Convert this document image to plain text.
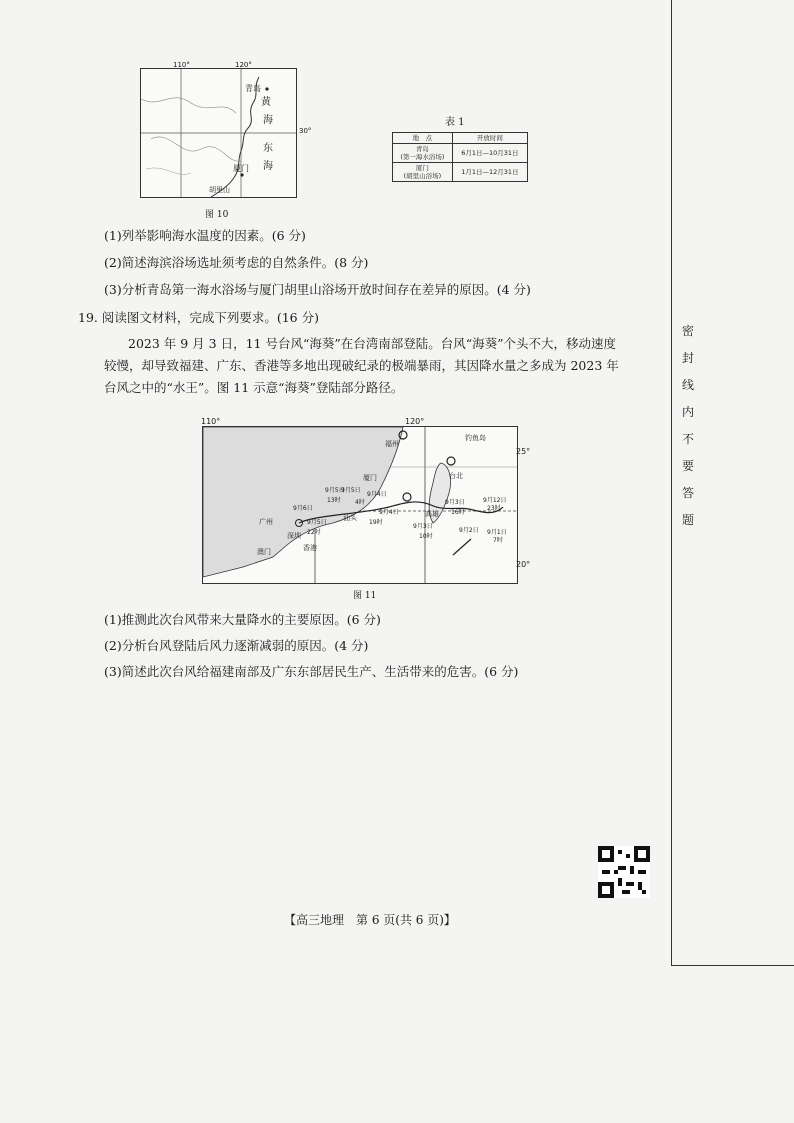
110°	120°
30°
青岛
黄
海
东
海
厦门
胡里山
图 10
表 1
地　点	开放时间
青岛
(第一海水浴场)	6月1日—10月31日
厦门
(胡里山浴场)	1月1日—12月31日
(1)列举影响海水温度的因素。(6 分)
(2)简述海滨浴场选址须考虑的自然条件。(8 分)
(3)分析青岛第一海水浴场与厦门胡里山浴场开放时间存在差异的原因。(4 分)
19. 阅读图文材料，完成下列要求。(16 分)
2023 年 9 月 3 日，11 号台风“海葵”在台湾南部登陆。台风“海葵”个头不大，移动速度
较慢，却导致福建、广东、香港等多地出现破纪录的极端暴雨，其因降水量之多成为 2023 年
台风之中的“水王”。图 11 示意“海葵”登陆部分路径。
110°	120°
25°
20°
福州
钓鱼岛
厦门
广州
深圳
香港
澳门
汕头	高雄
台北
9月6日
9月5日
9月5日
9月4日
9月4日
9月3日
9月3日	9月12日
9月2日 9月1日
9月5日
13时 4时
22时
19时
10时
16时
23时
7时
图 11
(1)推测此次台风带来大量降水的主要原因。(6 分)
(2)分析台风登陆后风力逐渐减弱的原因。(4 分)
(3)简述此次台风给福建南部及广东东部居民生产、生活带来的危害。(6 分)
【高三地理　第 6 页(共 6 页)】
密
封
线
内
不
要
答
题
